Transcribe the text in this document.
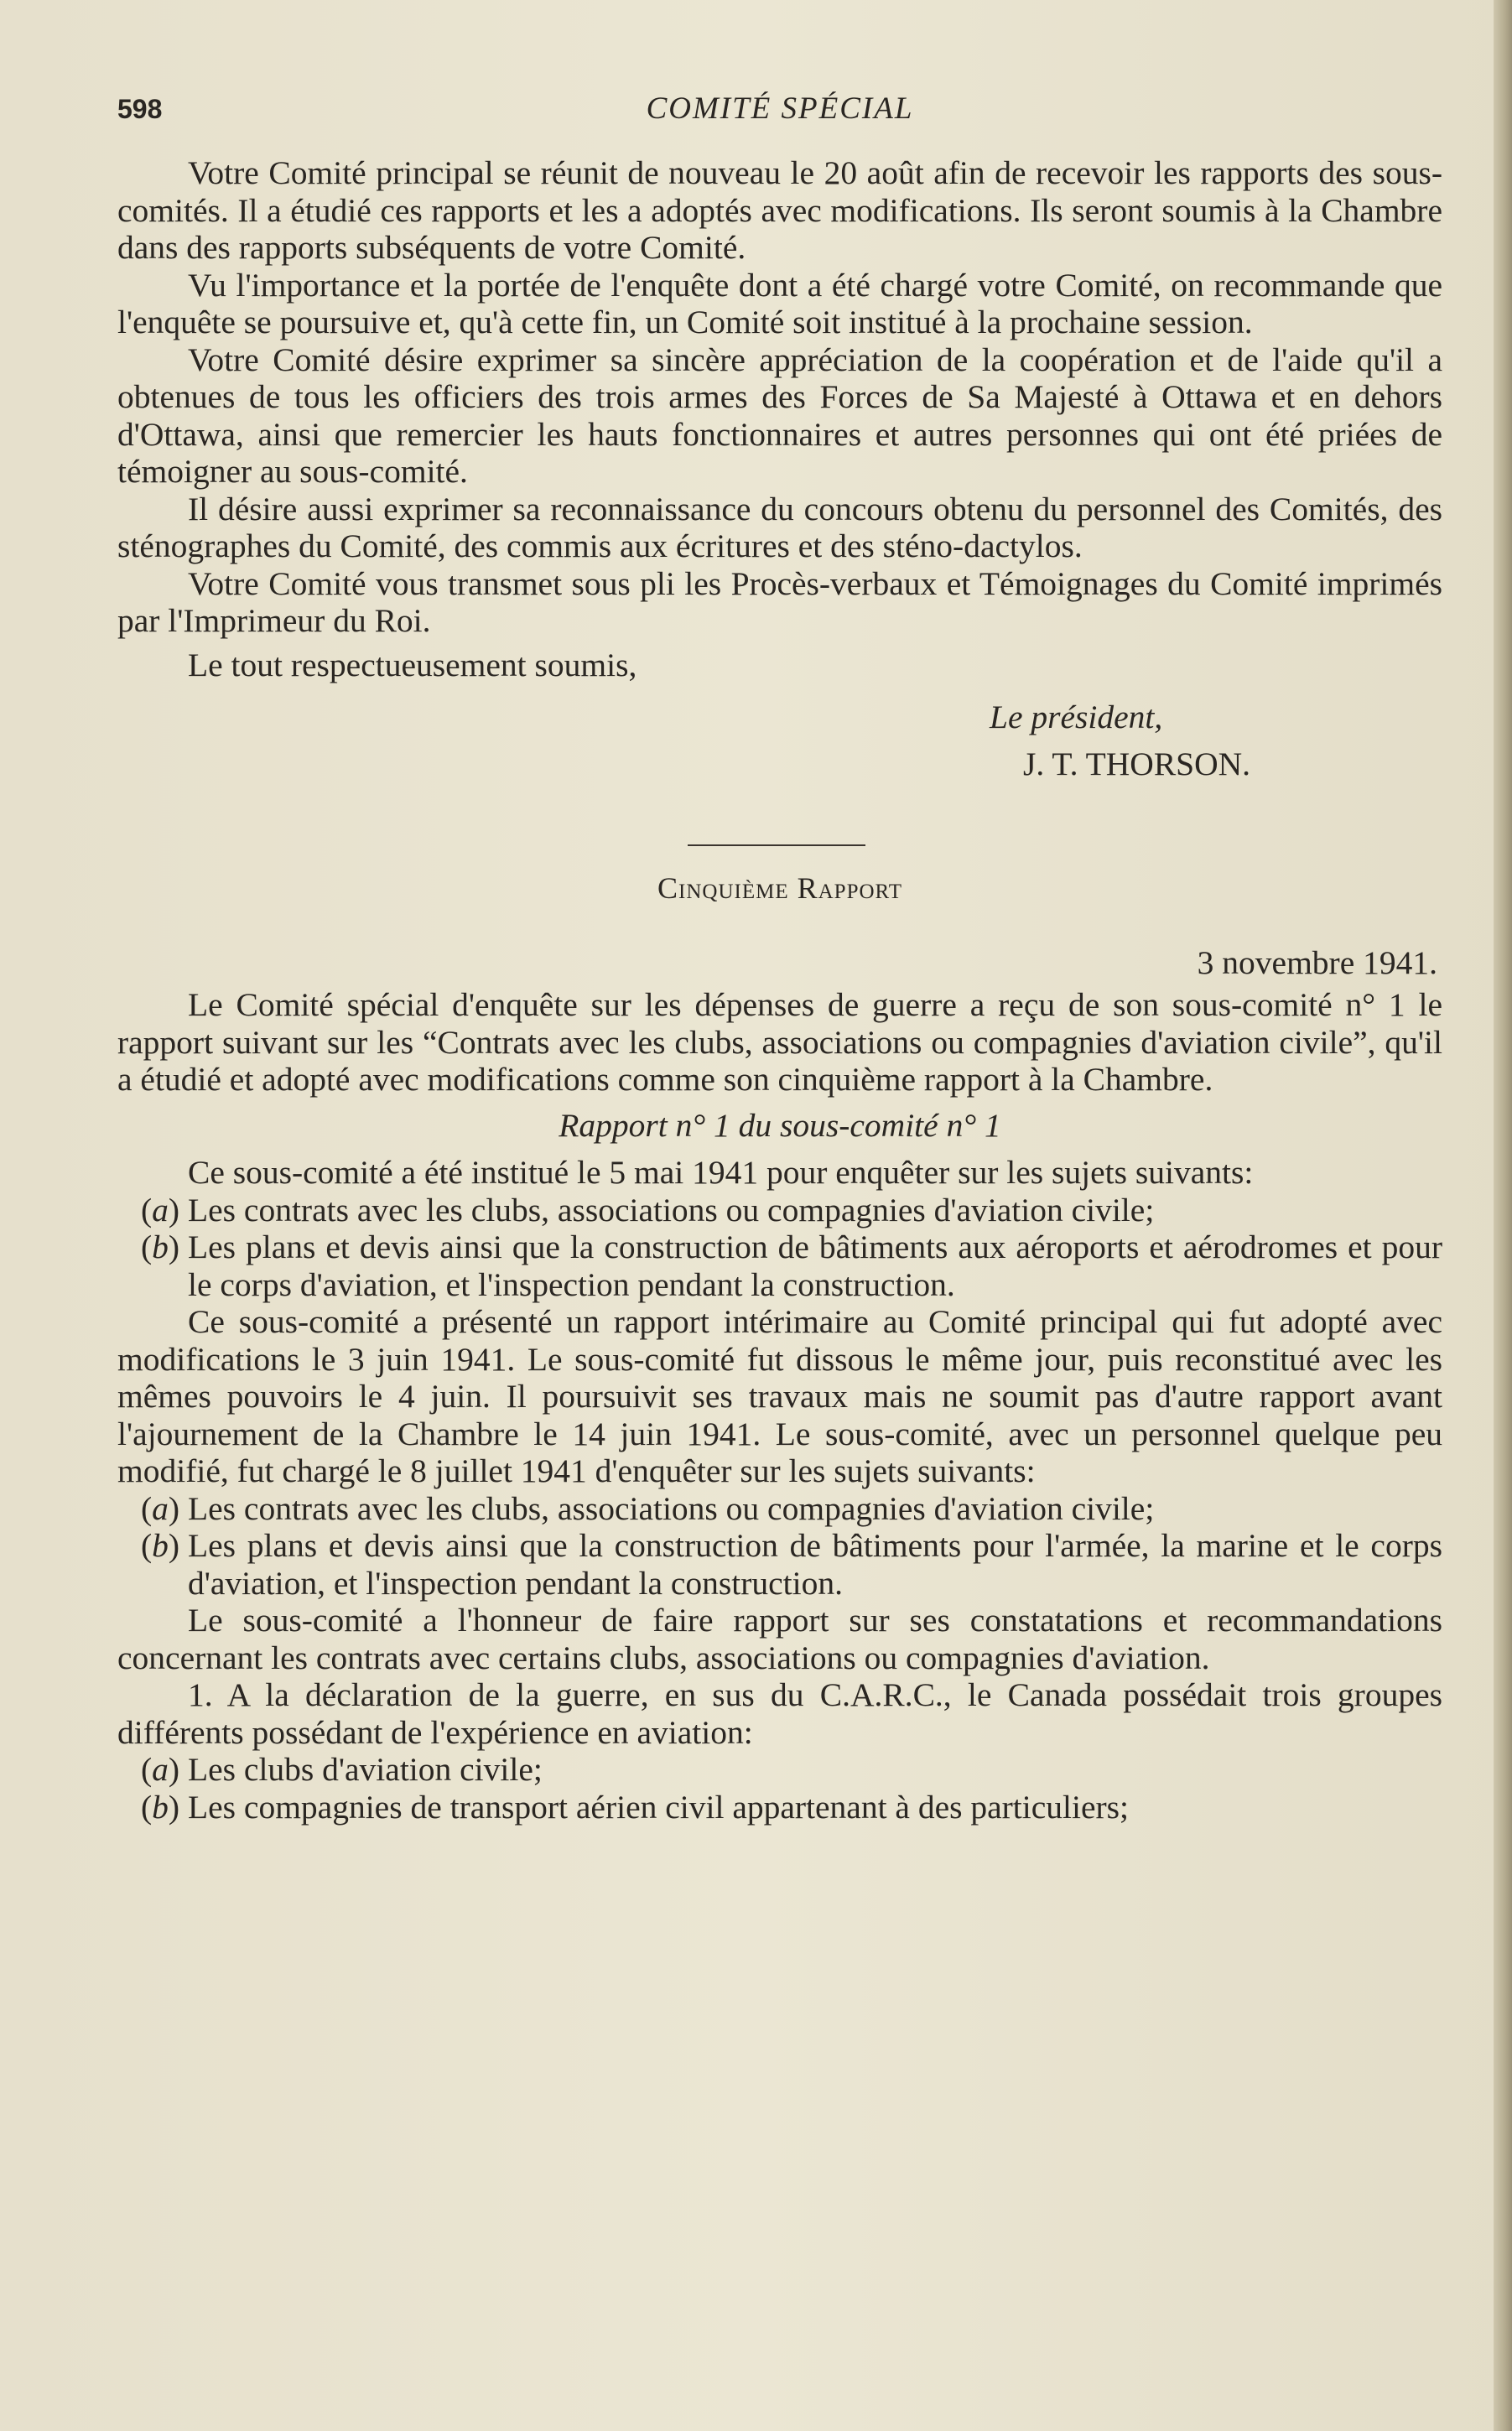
598	COMITÉ SPÉCIAL

Votre Comité principal se réunit de nouveau le 20 août afin de recevoir les rapports des sous-comités. Il a étudié ces rapports et les a adoptés avec modifications. Ils seront soumis à la Chambre dans des rapports subséquents de votre Comité.

Vu l'importance et la portée de l'enquête dont a été chargé votre Comité, on recommande que l'enquête se poursuive et, qu'à cette fin, un Comité soit institué à la prochaine session.

Votre Comité désire exprimer sa sincère appréciation de la coopération et de l'aide qu'il a obtenues de tous les officiers des trois armes des Forces de Sa Majesté à Ottawa et en dehors d'Ottawa, ainsi que remercier les hauts fonctionnaires et autres personnes qui ont été priées de témoigner au sous-comité.

Il désire aussi exprimer sa reconnaissance du concours obtenu du personnel des Comités, des sténographes du Comité, des commis aux écritures et des sténo-dactylos.

Votre Comité vous transmet sous pli les Procès-verbaux et Témoignages du Comité imprimés par l'Imprimeur du Roi.

Le tout respectueusement soumis,

Le président,
J. T. THORSON.
Cinquième Rapport
3 novembre 1941.

Le Comité spécial d'enquête sur les dépenses de guerre a reçu de son sous-comité n° 1 le rapport suivant sur les “Contrats avec les clubs, associations ou compagnies d'aviation civile”, qu'il a étudié et adopté avec modifications comme son cinquième rapport à la Chambre.

Rapport n° 1 du sous-comité n° 1

Ce sous-comité a été institué le 5 mai 1941 pour enquêter sur les sujets suivants:

(a) Les contrats avec les clubs, associations ou compagnies d'aviation civile;
(b) Les plans et devis ainsi que la construction de bâtiments aux aéroports et aérodromes et pour le corps d'aviation, et l'inspection pendant la construction.

Ce sous-comité a présenté un rapport intérimaire au Comité principal qui fut adopté avec modifications le 3 juin 1941. Le sous-comité fut dissous le même jour, puis reconstitué avec les mêmes pouvoirs le 4 juin. Il poursuivit ses travaux mais ne soumit pas d'autre rapport avant l'ajournement de la Chambre le 14 juin 1941. Le sous-comité, avec un personnel quelque peu modifié, fut chargé le 8 juillet 1941 d'enquêter sur les sujets suivants:

(a) Les contrats avec les clubs, associations ou compagnies d'aviation civile;
(b) Les plans et devis ainsi que la construction de bâtiments pour l'armée, la marine et le corps d'aviation, et l'inspection pendant la construction.

Le sous-comité a l'honneur de faire rapport sur ses constatations et recommandations concernant les contrats avec certains clubs, associations ou compagnies d'aviation.

1. A la déclaration de la guerre, en sus du C.A.R.C., le Canada possédait trois groupes différents possédant de l'expérience en aviation:

(a) Les clubs d'aviation civile;
(b) Les compagnies de transport aérien civil appartenant à des particuliers;
